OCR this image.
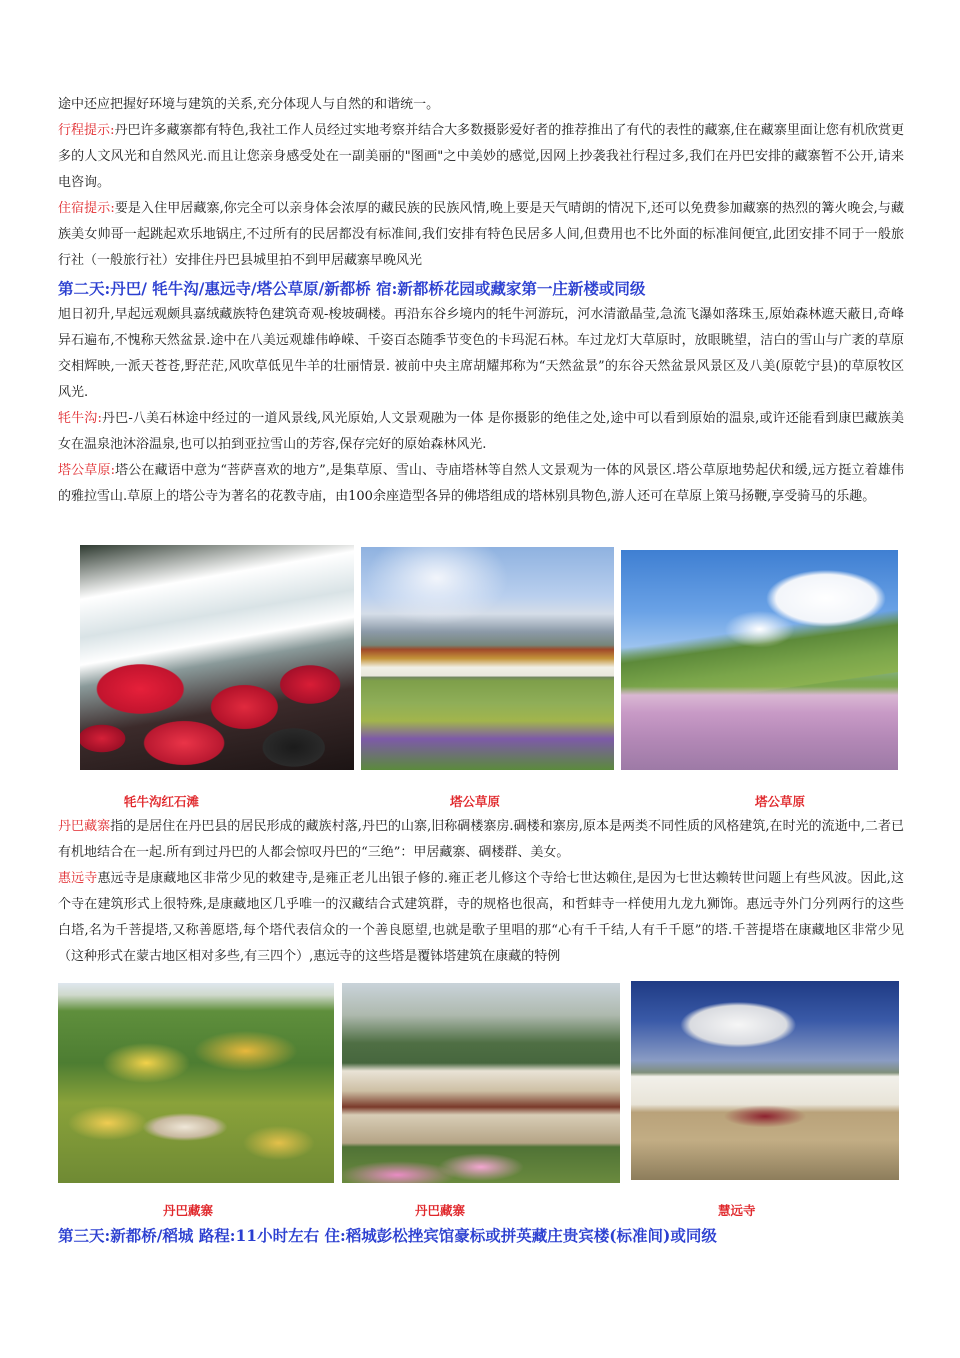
途中还应把握好环境与建筑的关系,充分体现人与自然的和谐统一。

行程提示:丹巴许多藏寨都有特色,我社工作人员经过实地考察并结合大多数摄影爱好者的推荐推出了有代的表性的藏寨,住在藏寨里面让您有机欣赏更多的人文风光和自然风光.而且让您亲身感受处在一副美丽的"图画"之中美妙的感觉,因网上抄袭我社行程过多,我们在丹巴安排的藏寨暂不公开,请来电咨询。

住宿提示:要是入住甲居藏寨,你完全可以亲身体会浓厚的藏民族的民族风情,晚上要是天气晴朗的情况下,还可以免费参加藏寨的热烈的篝火晚会,与藏族美女帅哥一起跳起欢乐地锅庄,不过所有的民居都没有标准间,我们安排有特色民居多人间,但费用也不比外面的标准间便宜,此团安排不同于一般旅行社（一般旅行社）安排住丹巴县城里拍不到甲居藏寨早晚风光

第二天:丹巴/ 牦牛沟/惠远寺/塔公草原/新都桥 宿:新都桥花园或藏家第一庄新楼或同级

旭日初升,早起远观颇具嘉绒藏族特色建筑奇观-梭坡碉楼。再沿东谷乡境内的牦牛河游玩，河水清澈晶莹,急流飞瀑如落珠玉,原始森林遮天蔽日,奇峰异石遍布,不愧称天然盆景.途中在八美远观雄伟峥嵘、千姿百态随季节变色的卡玛泥石林。车过龙灯大草原时，放眼眺望，洁白的雪山与广袤的草原交相辉映,一派天苍苍,野茫茫,风吹草低见牛羊的壮丽情景. 被前中央主席胡耀邦称为“天然盆景”的东谷天然盆景风景区及八美(原乾宁县)的草原牧区风光.

牦牛沟:丹巴-八美石林途中经过的一道风景线,风光原始,人文景观融为一体 是你摄影的绝佳之处,途中可以看到原始的温泉,或许还能看到康巴藏族美女在温泉池沐浴温泉,也可以拍到亚拉雪山的芳容,保存完好的原始森林风光.

塔公草原:塔公在藏语中意为“菩萨喜欢的地方”,是集草原、雪山、寺庙塔林等自然人文景观为一体的风景区.塔公草原地势起伏和缓,远方挺立着雄伟的雅拉雪山.草原上的塔公寺为著名的花教寺庙，由100余座造型各异的佛塔组成的塔林别具物色,游人还可在草原上策马扬鞭,享受骑马的乐趣。

牦牛沟红石滩	塔公草原	塔公草原

丹巴藏寨指的是居住在丹巴县的居民形成的藏族村落,丹巴的山寨,旧称碉楼寨房.碉楼和寨房,原本是两类不同性质的风格建筑,在时光的流逝中,二者已有机地结合在一起.所有到过丹巴的人都会惊叹丹巴的“三绝”：甲居藏寨、碉楼群、美女。

惠远寺惠远寺是康藏地区非常少见的敕建寺,是雍正老儿出银子修的.雍正老儿修这个寺给七世达赖住,是因为七世达赖转世问题上有些风波。因此,这个寺在建筑形式上很特殊,是康藏地区几乎唯一的汉藏结合式建筑群，寺的规格也很高，和哲蚌寺一样使用九龙九狮饰。惠远寺外门分列两行的这些白塔,名为千菩提塔,又称善愿塔,每个塔代表信众的一个善良愿望,也就是歌子里唱的那“心有千千结,人有千千愿”的塔.千菩提塔在康藏地区非常少见（这种形式在蒙古地区相对多些,有三四个）,惠远寺的这些塔是覆钵塔建筑在康藏的特例

丹巴藏寨	丹巴藏寨	慧远寺

第三天:新都桥/稻城 路程:11小时左右 住:稻城彭松挫宾馆豪标或拼英藏庄贵宾楼(标准间)或同级
